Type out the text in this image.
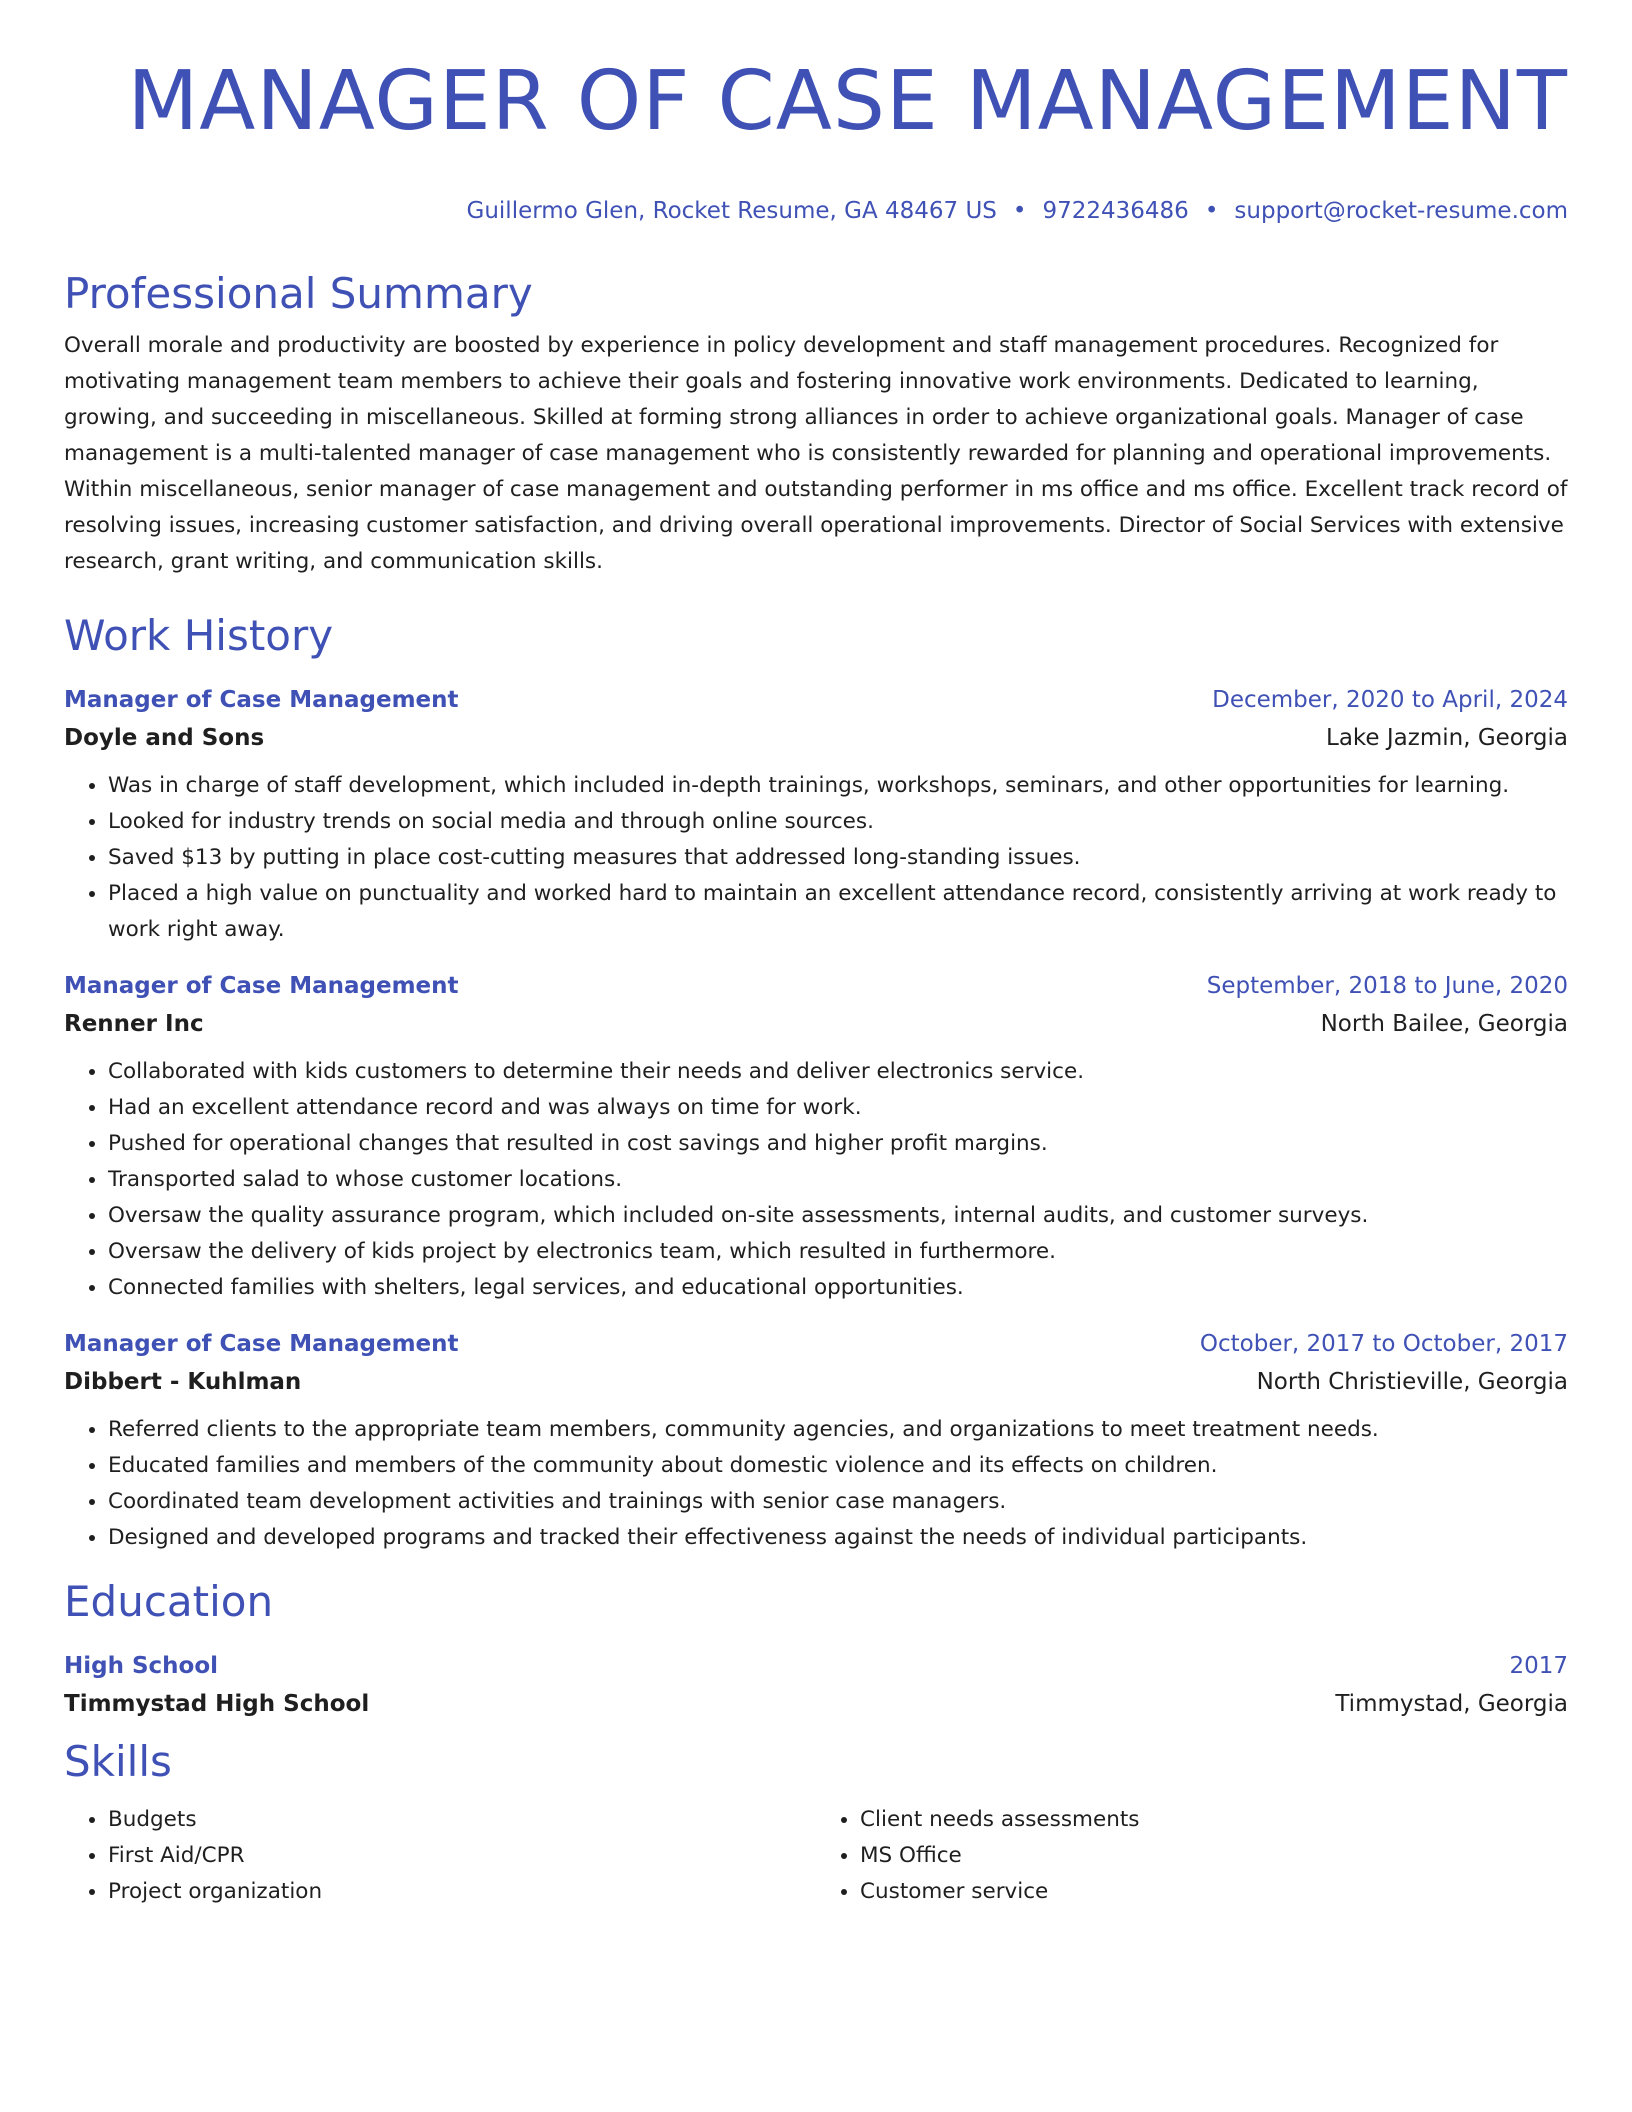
MANAGER OF CASE MANAGEMENT
Guillermo Glen, Rocket Resume, GA 48467 US • 9722436486 • support@rocket-resume.com
Professional Summary

Overall morale and productivity are boosted by experience in policy development and staff management procedures. Recognized for motivating management team members to achieve their goals and fostering innovative work environments. Dedicated to learning, growing, and succeeding in miscellaneous. Skilled at forming strong alliances in order to achieve organizational goals. Manager of case management is a multi-talented manager of case management who is consistently rewarded for planning and operational improvements. Within miscellaneous, senior manager of case management and outstanding performer in ms office and ms office. Excellent track record of resolving issues, increasing customer satisfaction, and driving overall operational improvements. Director of Social Services with extensive research, grant writing, and communication skills.

Work History
Manager of Case Management	December, 2020 to April, 2024
Doyle and Sons	Lake Jazmin, Georgia
• Was in charge of staff development, which included in-depth trainings, workshops, seminars, and other opportunities for learning.
• Looked for industry trends on social media and through online sources.
• Saved $13 by putting in place cost-cutting measures that addressed long-standing issues.
• Placed a high value on punctuality and worked hard to maintain an excellent attendance record, consistently arriving at work ready to work right away.
Manager of Case Management	September, 2018 to June, 2020
Renner Inc	North Bailee, Georgia
• Collaborated with kids customers to determine their needs and deliver electronics service.
• Had an excellent attendance record and was always on time for work.
• Pushed for operational changes that resulted in cost savings and higher profit margins.
• Transported salad to whose customer locations.
• Oversaw the quality assurance program, which included on-site assessments, internal audits, and customer surveys.
• Oversaw the delivery of kids project by electronics team, which resulted in furthermore.
• Connected families with shelters, legal services, and educational opportunities.
Manager of Case Management	October, 2017 to October, 2017
Dibbert - Kuhlman	North Christieville, Georgia
• Referred clients to the appropriate team members, community agencies, and organizations to meet treatment needs.
• Educated families and members of the community about domestic violence and its effects on children.
• Coordinated team development activities and trainings with senior case managers.
• Designed and developed programs and tracked their effectiveness against the needs of individual participants.
Education
High School	2017
Timmystad High School	Timmystad, Georgia
Skills
• Budgets
• First Aid/CPR
• Project organization
• Client needs assessments
• MS Office
• Customer service
